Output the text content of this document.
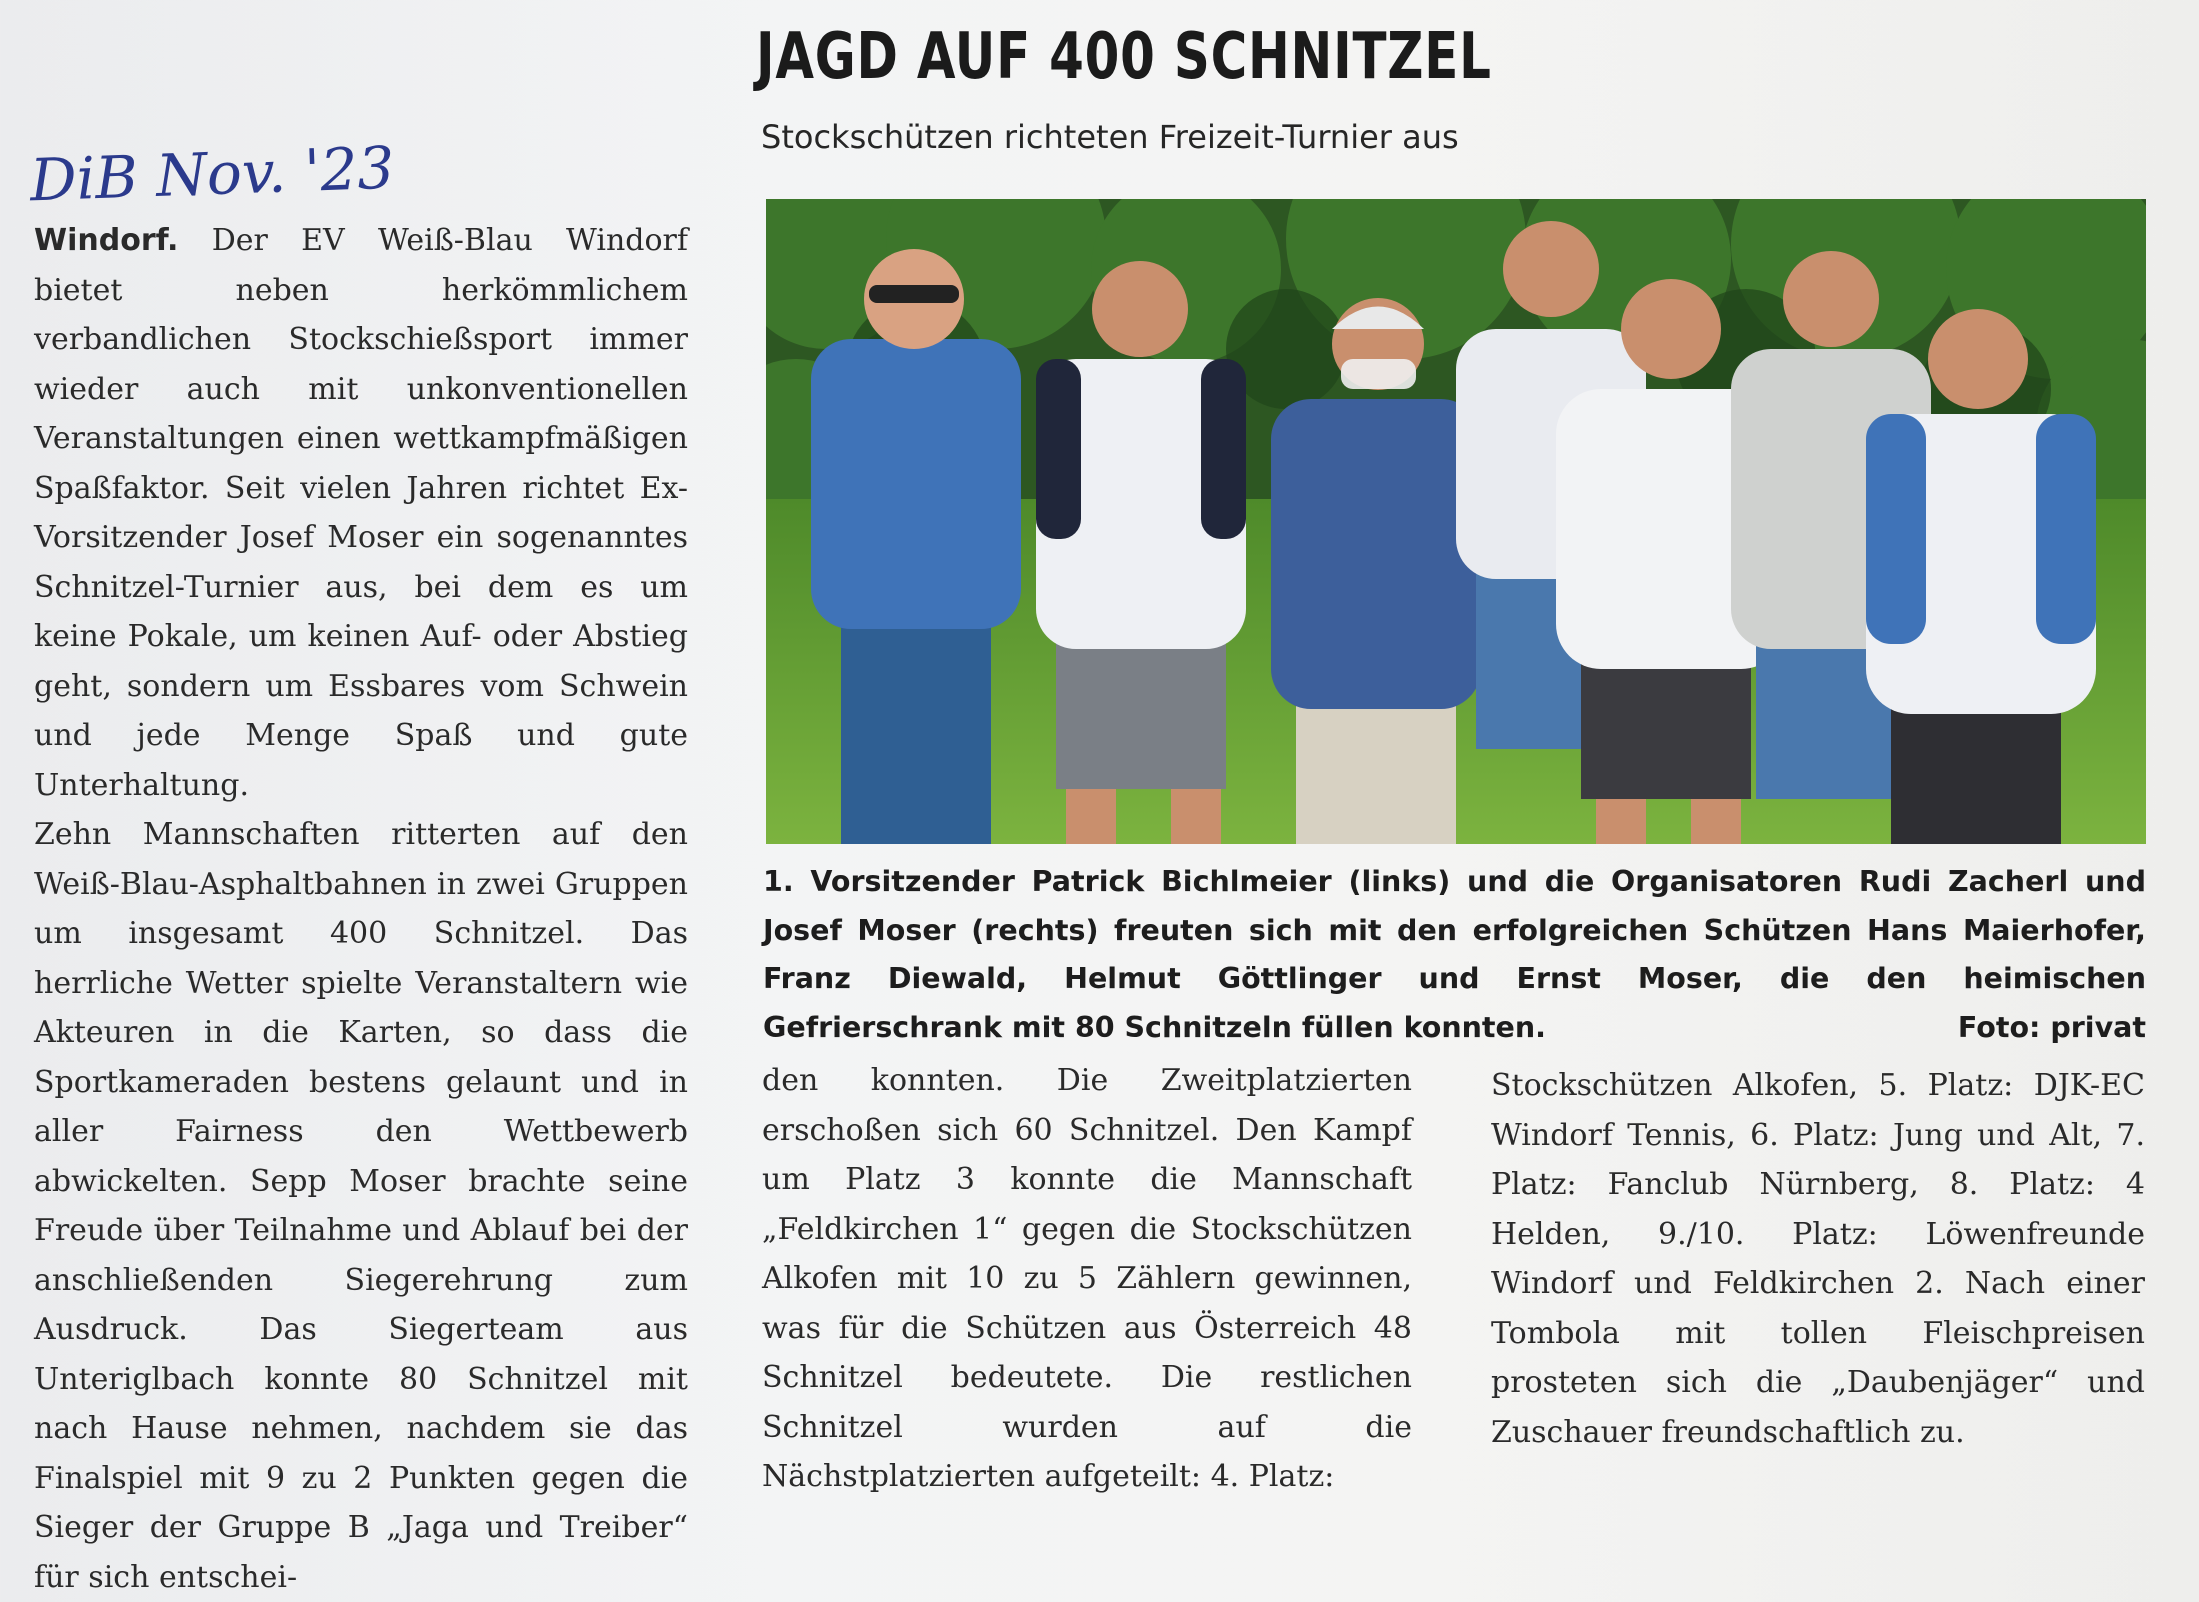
JAGD AUF 400 SCHNITZEL
Stockschützen richteten Freizeit-Turnier aus
DiB Nov. '23

Windorf. Der EV Weiß-Blau Windorf bietet neben herkömmlichem verbandlichen Stockschießsport immer wieder auch mit unkonventionellen Veranstaltungen einen wettkampfmäßigen Spaßfaktor. Seit vielen Jahren richtet Ex-Vorsitzender Josef Moser ein sogenanntes Schnitzel-Turnier aus, bei dem es um keine Pokale, um keinen Auf- oder Abstieg geht, sondern um Essbares vom Schwein und jede Menge Spaß und gute Unterhaltung.

Zehn Mannschaften ritterten auf den Weiß-Blau-Asphaltbahnen in zwei Gruppen um insgesamt 400 Schnitzel. Das herrliche Wetter spielte Veranstaltern wie Akteuren in die Karten, so dass die Sportkameraden bestens gelaunt und in aller Fairness den Wettbewerb abwickelten. Sepp Moser brachte seine Freude über Teilnahme und Ablauf bei der anschließenden Siegerehrung zum Ausdruck. Das Siegerteam aus Unteriglbach konnte 80 Schnitzel mit nach Hause nehmen, nachdem sie das Finalspiel mit 9 zu 2 Punkten gegen die Sieger der Gruppe B „Jaga und Treiber“ für sich entschei-

1. Vorsitzender Patrick Bichlmeier (links) und die Organisatoren Rudi Zacherl und Josef Moser (rechts) freuten sich mit den erfolgreichen Schützen Hans Maierhofer, Franz Diewald, Helmut Göttlinger und Ernst Moser, die den heimischen Gefrierschrank mit 80 Schnitzeln füllen konnten.	Foto: privat

den konnten. Die Zweitplatzierten erschoßen sich 60 Schnitzel. Den Kampf um Platz 3 konnte die Mannschaft „Feldkirchen 1“ gegen die Stockschützen Alkofen mit 10 zu 5 Zählern gewinnen, was für die Schützen aus Österreich 48 Schnitzel bedeutete. Die restlichen Schnitzel wurden auf die Nächstplatzierten aufgeteilt: 4. Platz:

Stockschützen Alkofen, 5. Platz: DJK-EC Windorf Tennis, 6. Platz: Jung und Alt, 7. Platz: Fanclub Nürnberg, 8. Platz: 4 Helden, 9./10. Platz: Löwenfreunde Windorf und Feldkirchen 2. Nach einer Tombola mit tollen Fleischpreisen prosteten sich die „Daubenjäger“ und Zuschauer freundschaftlich zu.
